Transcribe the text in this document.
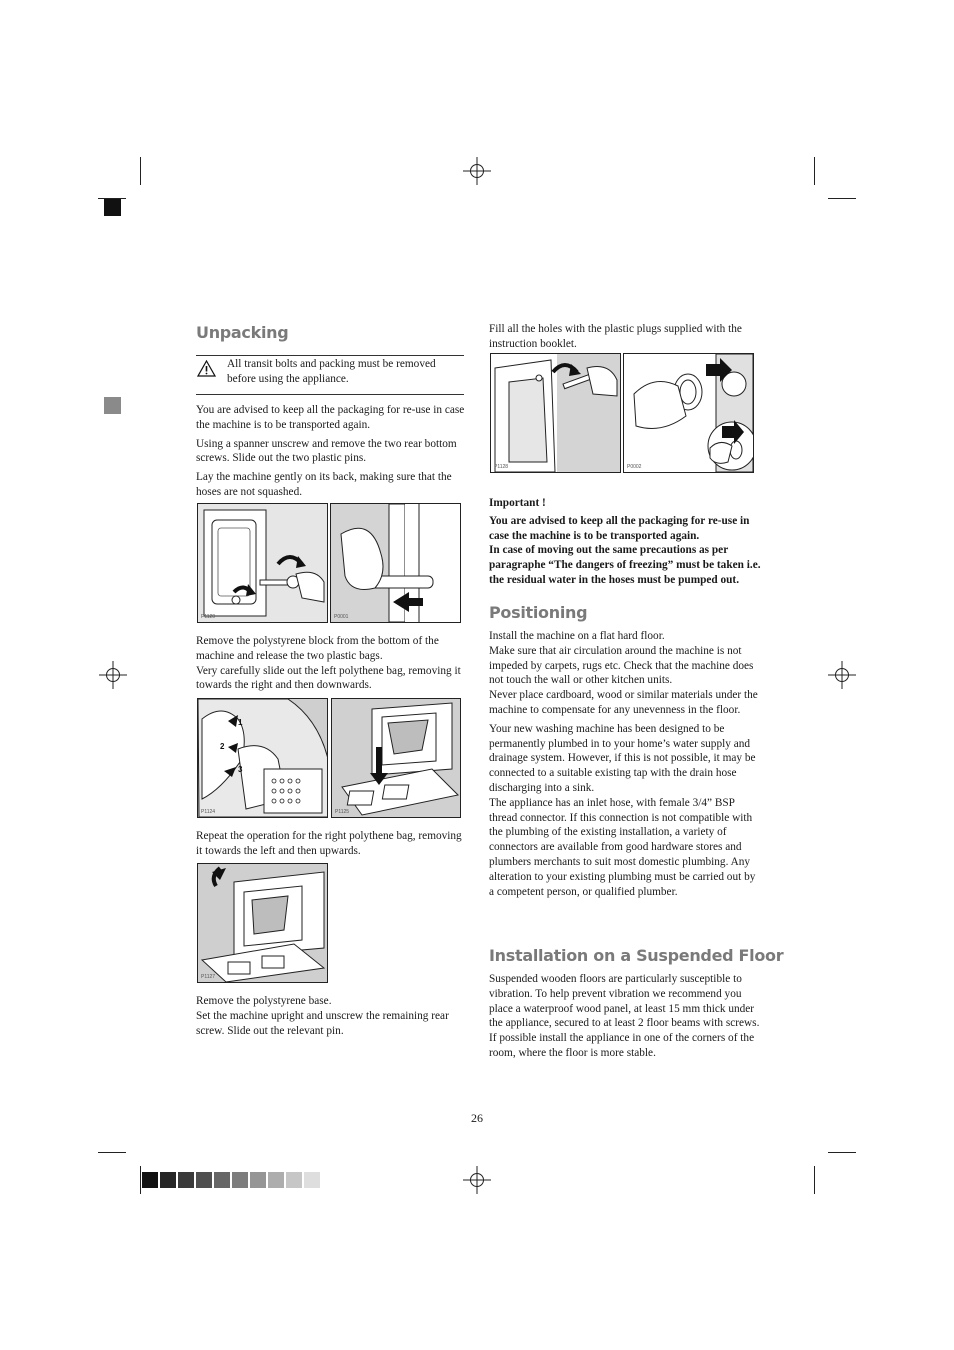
Unpacking
All transit bolts and packing must be removed before using the appliance.

You are advised to keep all the packaging for re-use in case the machine is to be transported again.

Using a spanner unscrew and remove the two rear bottom screws. Slide out the two plastic pins.

Lay the machine gently on its back, making sure that the hoses are not squashed.

P1120	P0001

Remove the polystyrene block from the bottom of the machine and release the two plastic bags.

Very carefully slide out the left polythene bag, removing it towards the right and then downwards.

1
2
3
P1124	P1125
Repeat the operation for the right polythene bag, removing it towards the left and then upwards.
P1127

Remove the polystyrene base.

Set the machine upright and unscrew the remaining rear screw. Slide out the relevant pin.

Fill all the holes with the plastic plugs supplied with the instruction booklet.
P1128	P0002

Important !

You are advised to keep all the packaging for re-use in case the machine is to be transported again.

In case of moving out the same precautions as per paragraphe “The dangers of freezing” must be taken i.e. the residual water in the hoses must be pumped out.

Positioning

Install the machine on a flat hard floor.

Make sure that air circulation around the machine is not impeded by carpets, rugs etc. Check that the machine does not touch the wall or other kitchen units.

Never place cardboard, wood or similar materials under the machine to compensate for any unevenness in the floor.

Your new washing machine has been designed to be permanently plumbed in to your home’s water supply and drainage system. However, if this is not possible, it may be connected to a suitable existing tap with the drain hose discharging into a sink.

The appliance has an inlet hose, with female 3/4” BSP thread connector. If this connection is not compatible with the plumbing of the existing installation, a variety of connectors are available from good hardware stores and plumbers merchants to suit most domestic plumbing. Any alteration to your existing plumbing must be carried out by a competent person, or qualified plumber.

Installation on a Suspended Floor
Suspended wooden floors are particularly susceptible to vibration. To help prevent vibration we recommend you place a waterproof wood panel, at least 15 mm thick under the appliance, secured to at least 2 floor beams with screws. If possible install the appliance in one of the corners of the room, where the floor is more stable.
26
